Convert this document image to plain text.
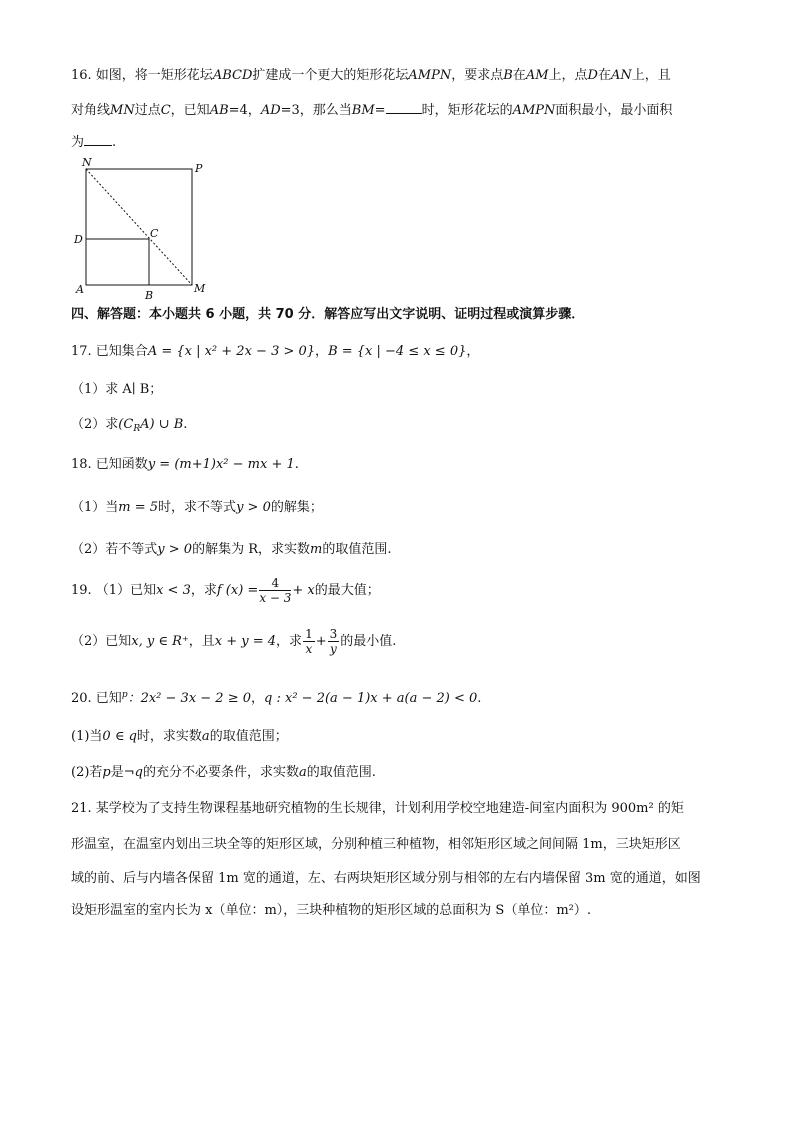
16. 如图，将一矩形花坛ABCD扩建成一个更大的矩形花坛AMPN，要求点B在AM上，点D在AN上，且
对角线MN过点C，已知AB=4，AD=3，那么当BM=	时，矩形花坛的AMPN面积最小，最小面积
为 .
N	P
D	C
A	B
M
四、解答题：本小题共 6 小题，共 70 分．解答应写出文字说明、证明过程或演算步骤．
17. 已知集合A = {x | x² + 2x − 3 > 0}，B = {x | −4 ≤ x ≤ 0}，
（1）求 A∣ B；
（2）求$(C_RA)$ ∪ B.
18. 已知函数y = (m+1)x² − mx + 1.
（1）当m = 5时，求不等式y > 0的解集；
（2）若不等式y > 0的解集为 R，求实数m的取值范围.
19. （1）已知x < 3，求f $(x) = \frac{4}{x - 3} + x$的最大值；
（2）已知x, y ∈ R⁺，且x + y = 4，求 $\frac{1}{x} + \frac{3}{y}$ 的最小值.
20. 已知$^p$：2x² − 3x − 2 ≥ 0，q : x² − 2(a − 1)x + a(a − 2) < 0.
(1)当0 ∈ q时，求实数a的取值范围；
(2)若p是¬q的充分不必要条件，求实数a的取值范围.
21. 某学校为了支持生物课程基地研究植物的生长规律，计划利用学校空地建造-间室内面积为 900m² 的矩
形温室，在温室内划出三块全等的矩形区域，分别种植三种植物，相邻矩形区域之间间隔 1m，三块矩形区
域的前、后与内墙各保留 1m 宽的通道，左、右两块矩形区域分别与相邻的左右内墙保留 3m 宽的通道，如图
设矩形温室的室内长为 x（单位：m），三块种植物的矩形区域的总面积为 S（单位：m²）.
